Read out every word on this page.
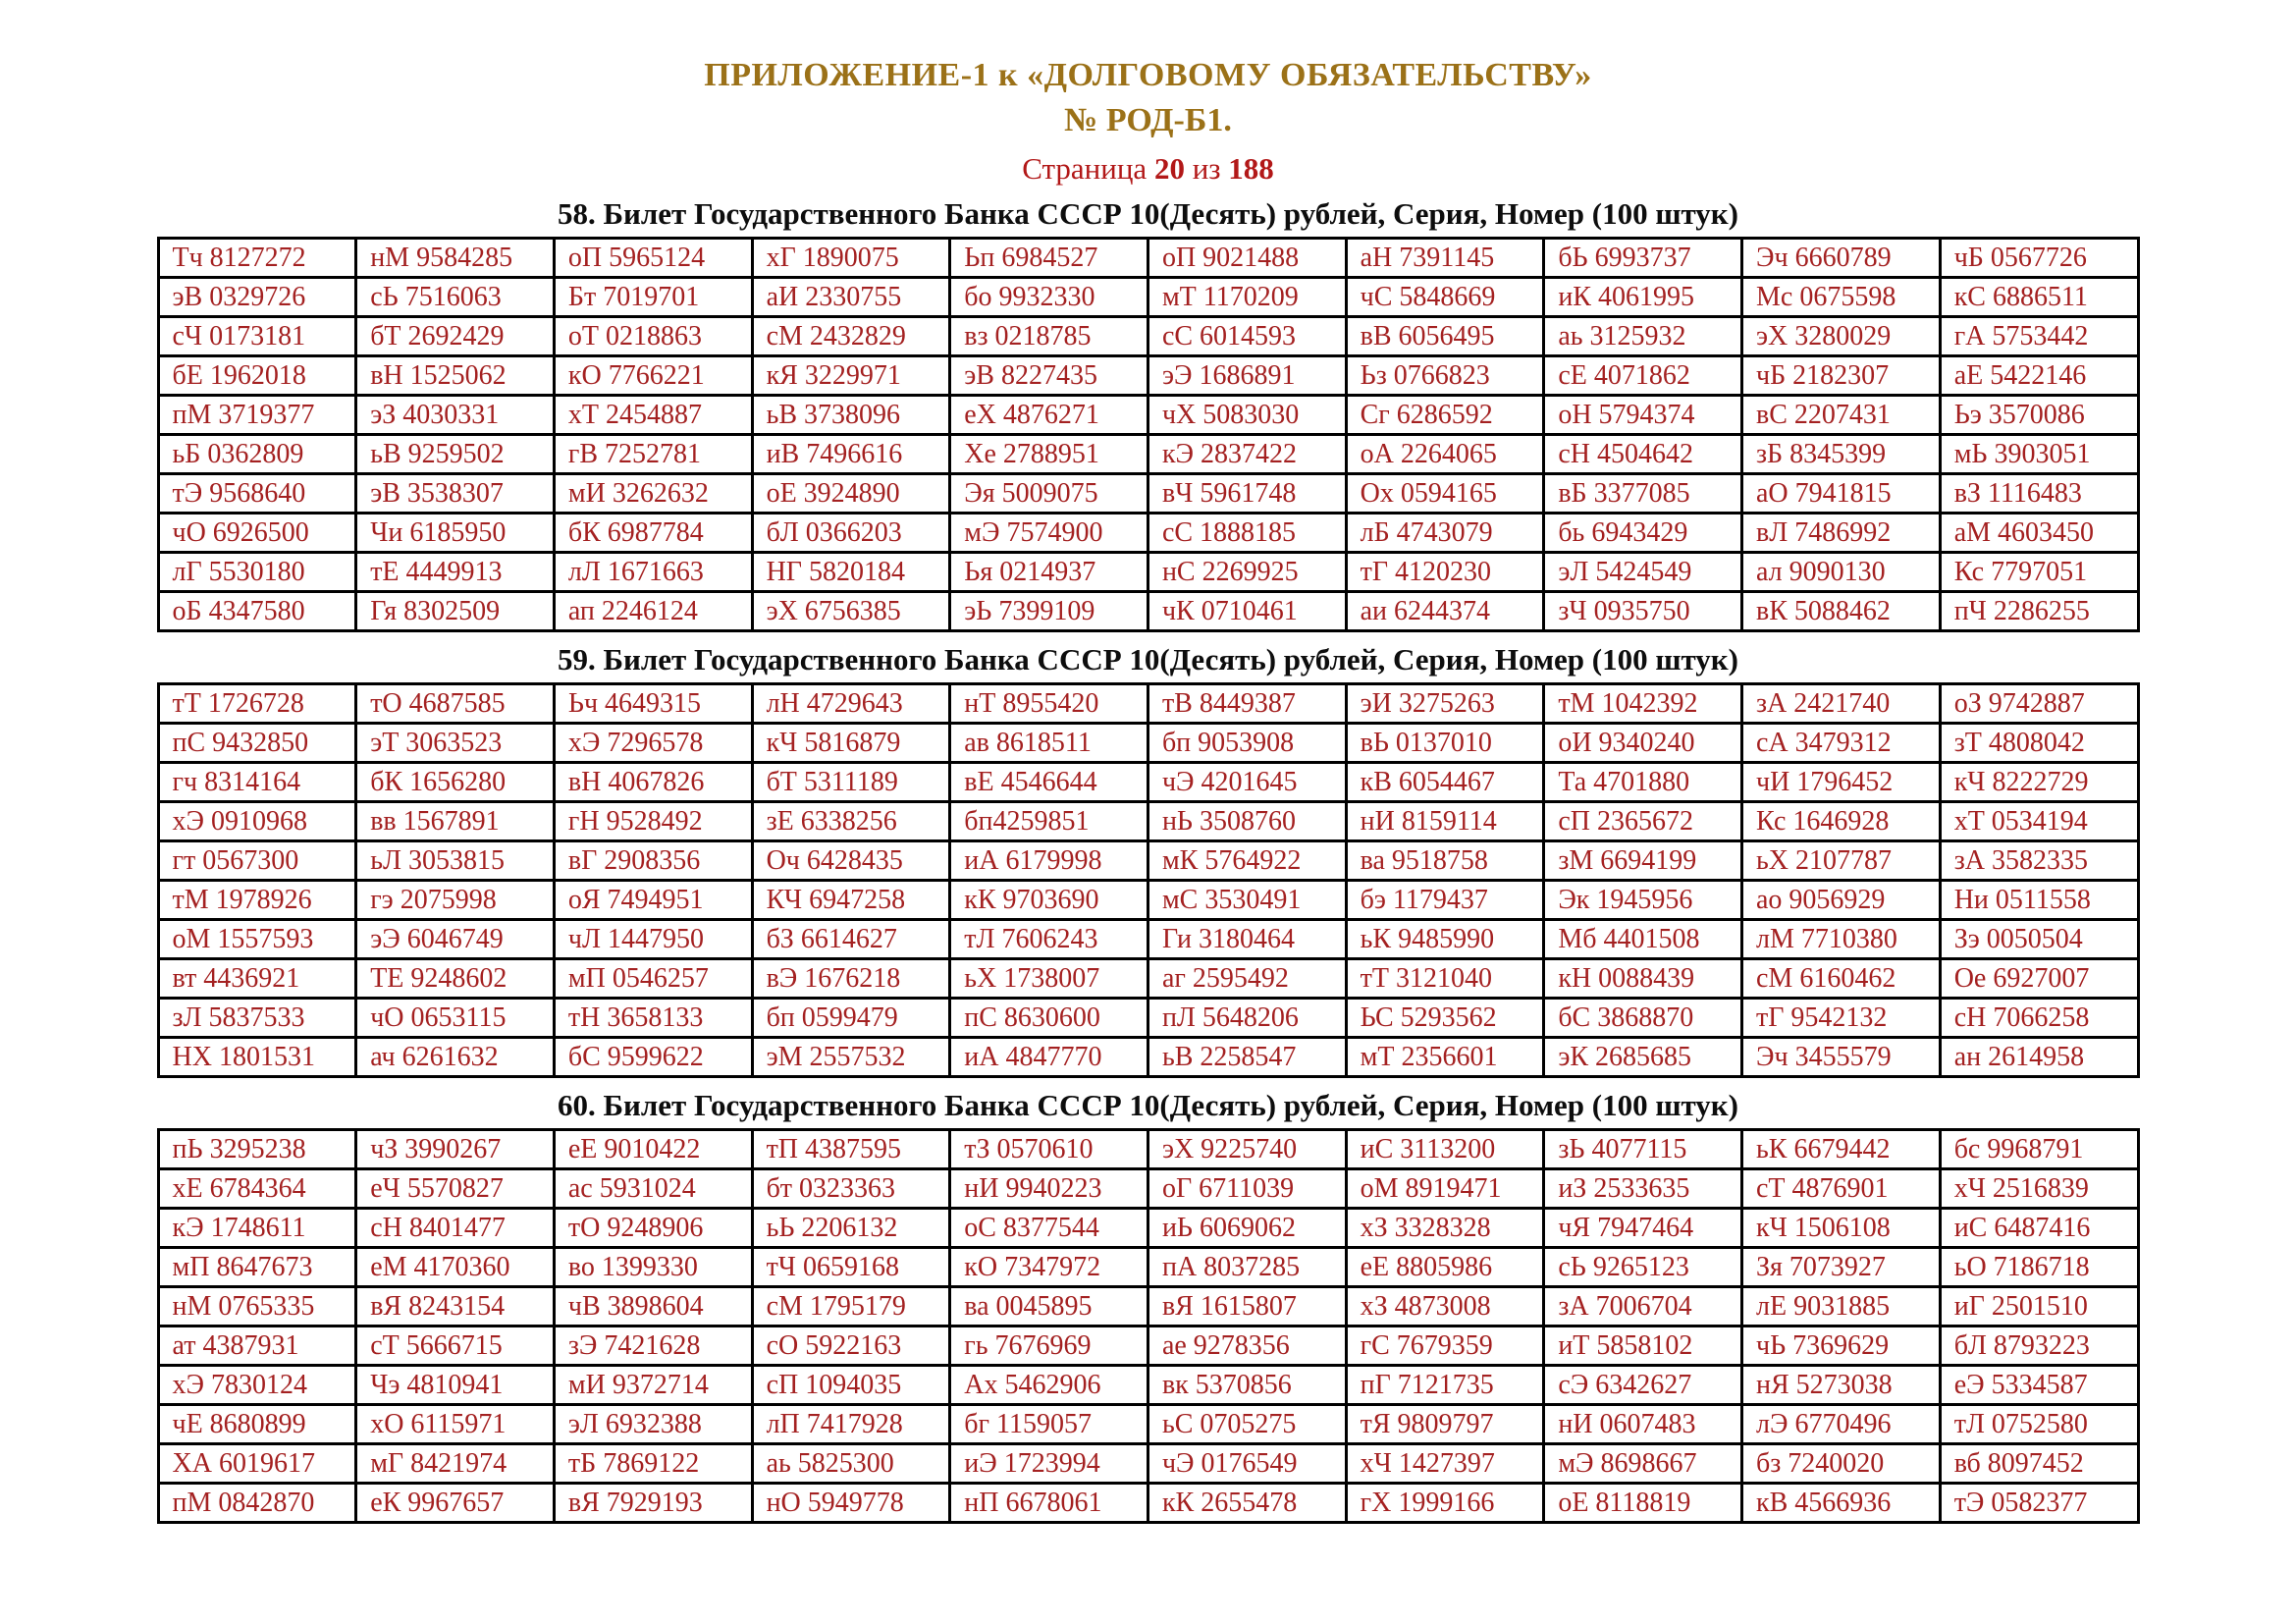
ПРИЛОЖЕНИЕ-1 к «ДОЛГОВОМУ ОБЯЗАТЕЛЬСТВУ»
№ РОД-Б1.
Страница 20 из 188
58. Билет Государственного Банка СССР 10(Десять) рублей, Серия, Номер (100 штук)
Тч 8127272	нМ 9584285	оП 5965124	хГ 1890075	Ьп 6984527	оП 9021488	аН 7391145	бЬ 6993737	Эч 6660789	чБ 0567726
эВ 0329726	сЬ 7516063	Бт 7019701	аИ 2330755	бо 9932330	мТ 1170209	чС 5848669	иК 4061995	Мс 0675598	кС 6886511
сЧ 0173181	бТ 2692429	оТ 0218863	сМ 2432829	вз 0218785	сС 6014593	вВ 6056495	аь 3125932	эХ 3280029	гА 5753442
бЕ 1962018	вН 1525062	кО 7766221	кЯ 3229971	эВ 8227435	эЭ 1686891	Ьз 0766823	сЕ 4071862	чБ 2182307	аЕ 5422146
пМ 3719377	эЗ 4030331	хТ 2454887	ьВ 3738096	еХ 4876271	чХ 5083030	Сг 6286592	оН 5794374	вС 2207431	Ьэ 3570086
ьБ 0362809	ьВ 9259502	гВ 7252781	иВ 7496616	Хе 2788951	кЭ 2837422	оА 2264065	сН 4504642	зБ 8345399	мЬ 3903051
тЭ 9568640	эВ 3538307	мИ 3262632	оЕ 3924890	Эя 5009075	вЧ 5961748	Ох 0594165	вБ 3377085	аО 7941815	вЗ 1116483
чО 6926500	Чи 6185950	бК 6987784	бЛ 0366203	мЭ 7574900	сС 1888185	лБ 4743079	бь 6943429	вЛ 7486992	аМ 4603450
лГ 5530180	тЕ 4449913	лЛ 1671663	НГ 5820184	Ья 0214937	нС 2269925	тГ 4120230	эЛ 5424549	ал 9090130	Кс 7797051
оБ 4347580	Гя 8302509	ап 2246124	эХ 6756385	эЬ 7399109	чК 0710461	аи 6244374	зЧ 0935750	вК 5088462	пЧ 2286255
59. Билет Государственного Банка СССР 10(Десять) рублей, Серия, Номер (100 штук)
тТ 1726728	тО 4687585	Ьч 4649315	лН 4729643	нТ 8955420	тВ 8449387	эИ 3275263	тМ 1042392	зА 2421740	оЗ 9742887
пС 9432850	эТ 3063523	хЭ 7296578	кЧ 5816879	ав 8618511	бп 9053908	вЬ 0137010	оИ 9340240	сА 3479312	зТ 4808042
гч 8314164	бК 1656280	вН 4067826	бТ 5311189	вЕ 4546644	чЭ 4201645	кВ 6054467	Та 4701880	чИ 1796452	кЧ 8222729
хЭ 0910968	вв 1567891	гН 9528492	зЕ 6338256	бп4259851	нЬ 3508760	нИ 8159114	сП 2365672	Кс 1646928	хТ 0534194
гт 0567300	ьЛ 3053815	вГ 2908356	Оч 6428435	иА 6179998	мК 5764922	ва 9518758	зМ 6694199	ьХ 2107787	зА 3582335
тМ 1978926	гэ 2075998	оЯ 7494951	КЧ 6947258	кК 9703690	мС 3530491	бэ 1179437	Эк 1945956	ао 9056929	Ни 0511558
оМ 1557593	эЭ 6046749	чЛ 1447950	бЗ 6614627	тЛ 7606243	Ги 3180464	ьК 9485990	Мб 4401508	лМ 7710380	Зэ 0050504
вт 4436921	ТЕ 9248602	мП 0546257	вЭ 1676218	ьХ 1738007	аг 2595492	тТ 3121040	кН 0088439	сМ 6160462	Ое 6927007
зЛ 5837533	чО 0653115	тН 3658133	бп 0599479	пС 8630600	пЛ 5648206	ЬС 5293562	бС 3868870	тГ 9542132	сН 7066258
НХ 1801531	ач 6261632	бС 9599622	эМ 2557532	иА 4847770	ьВ 2258547	мТ 2356601	эК 2685685	Эч 3455579	ан 2614958
60. Билет Государственного Банка СССР 10(Десять) рублей, Серия, Номер (100 штук)
пЬ 3295238	чЗ 3990267	еЕ 9010422	тП 4387595	тЗ 0570610	эХ 9225740	иС 3113200	зЬ 4077115	ьК 6679442	бс 9968791
хЕ 6784364	еЧ 5570827	ас 5931024	бт 0323363	нИ 9940223	оГ 6711039	оМ 8919471	иЗ 2533635	сТ 4876901	хЧ 2516839
кЭ 1748611	сН 8401477	тО 9248906	ьЬ 2206132	оС 8377544	иЬ 6069062	хЗ 3328328	чЯ 7947464	кЧ 1506108	иС 6487416
мП 8647673	еМ 4170360	во 1399330	тЧ 0659168	кО 7347972	пА 8037285	еЕ 8805986	сЬ 9265123	Зя 7073927	ьО 7186718
нМ 0765335	вЯ 8243154	чВ 3898604	сМ 1795179	ва 0045895	вЯ 1615807	хЗ 4873008	зА 7006704	лЕ 9031885	иГ 2501510
ат 4387931	сТ 5666715	зЭ 7421628	сО 5922163	гь 7676969	ае 9278356	гС 7679359	иТ 5858102	чЬ 7369629	бЛ 8793223
хЭ 7830124	Чэ 4810941	мИ 9372714	сП 1094035	Ах 5462906	вк 5370856	пГ 7121735	сЭ 6342627	нЯ 5273038	еЭ 5334587
чЕ 8680899	хО 6115971	эЛ 6932388	лП 7417928	бг 1159057	ьС 0705275	тЯ 9809797	нИ 0607483	лЭ 6770496	тЛ 0752580
ХА 6019617	мГ 8421974	тБ 7869122	аь 5825300	иЭ 1723994	чЭ 0176549	хЧ 1427397	мЭ 8698667	бз 7240020	вб 8097452
пМ 0842870	еК 9967657	вЯ 7929193	нО 5949778	нП 6678061	кК 2655478	гХ 1999166	оЕ 8118819	кВ 4566936	тЭ 0582377
